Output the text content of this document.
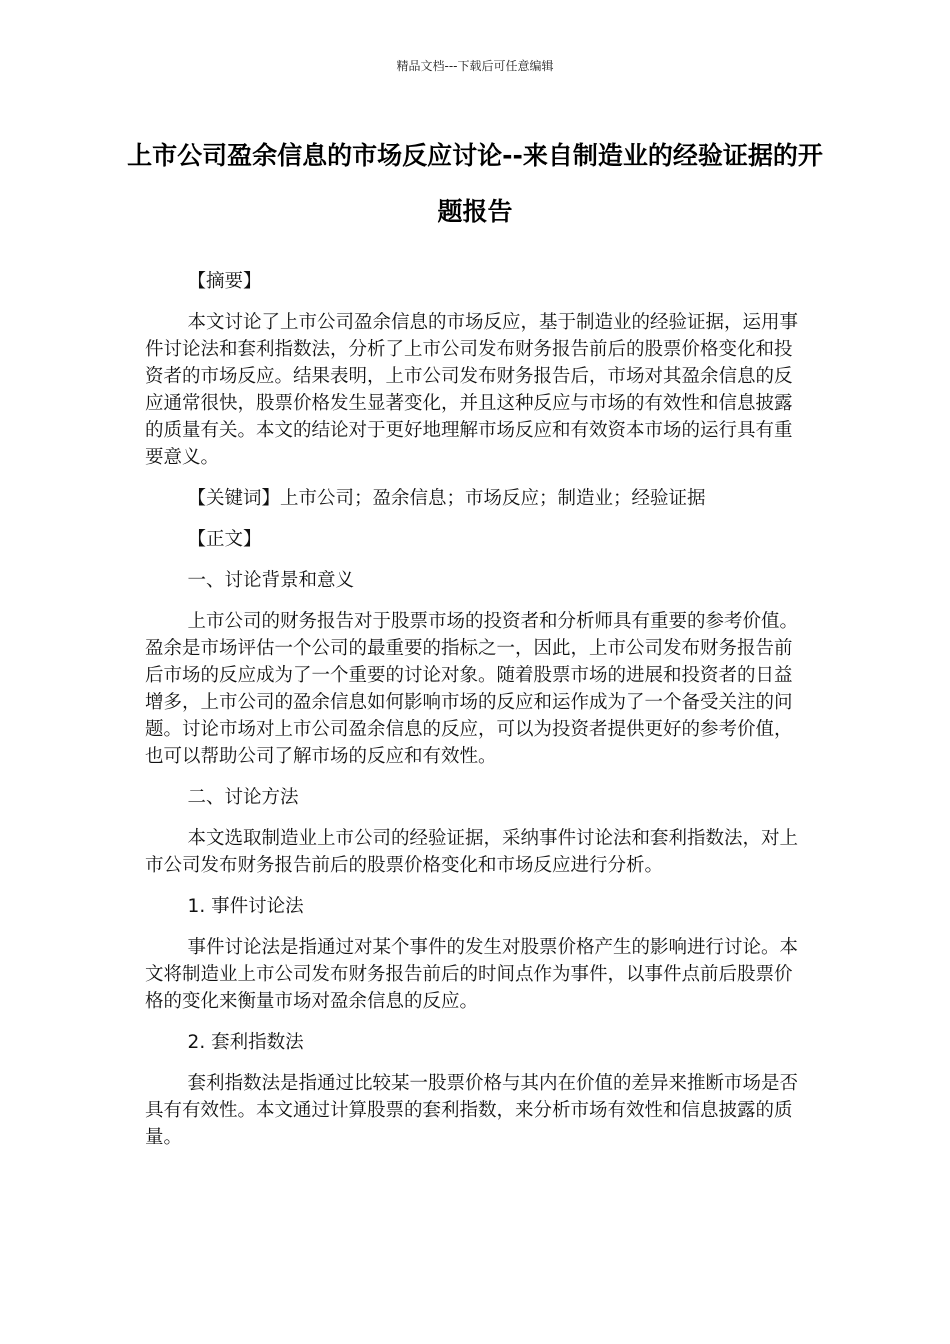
精品文档---下载后可任意编辑
上市公司盈余信息的市场反应讨论--来自制造业的经验证据的开题报告

【摘要】

本文讨论了上市公司盈余信息的市场反应，基于制造业的经验证据，运用事件讨论法和套利指数法，分析了上市公司发布财务报告前后的股票价格变化和投资者的市场反应。结果表明，上市公司发布财务报告后，市场对其盈余信息的反应通常很快，股票价格发生显著变化，并且这种反应与市场的有效性和信息披露的质量有关。本文的结论对于更好地理解市场反应和有效资本市场的运行具有重要意义。

【关键词】上市公司；盈余信息；市场反应；制造业；经验证据

【正文】

一、讨论背景和意义

上市公司的财务报告对于股票市场的投资者和分析师具有重要的参考价值。盈余是市场评估一个公司的最重要的指标之一，因此，上市公司发布财务报告前后市场的反应成为了一个重要的讨论对象。随着股票市场的进展和投资者的日益增多，上市公司的盈余信息如何影响市场的反应和运作成为了一个备受关注的问题。讨论市场对上市公司盈余信息的反应，可以为投资者提供更好的参考价值，也可以帮助公司了解市场的反应和有效性。

二、讨论方法

本文选取制造业上市公司的经验证据，采纳事件讨论法和套利指数法，对上市公司发布财务报告前后的股票价格变化和市场反应进行分析。

1. 事件讨论法

事件讨论法是指通过对某个事件的发生对股票价格产生的影响进行讨论。本文将制造业上市公司发布财务报告前后的时间点作为事件，以事件点前后股票价格的变化来衡量市场对盈余信息的反应。

2. 套利指数法

套利指数法是指通过比较某一股票价格与其内在价值的差异来推断市场是否具有有效性。本文通过计算股票的套利指数，来分析市场有效性和信息披露的质量。
